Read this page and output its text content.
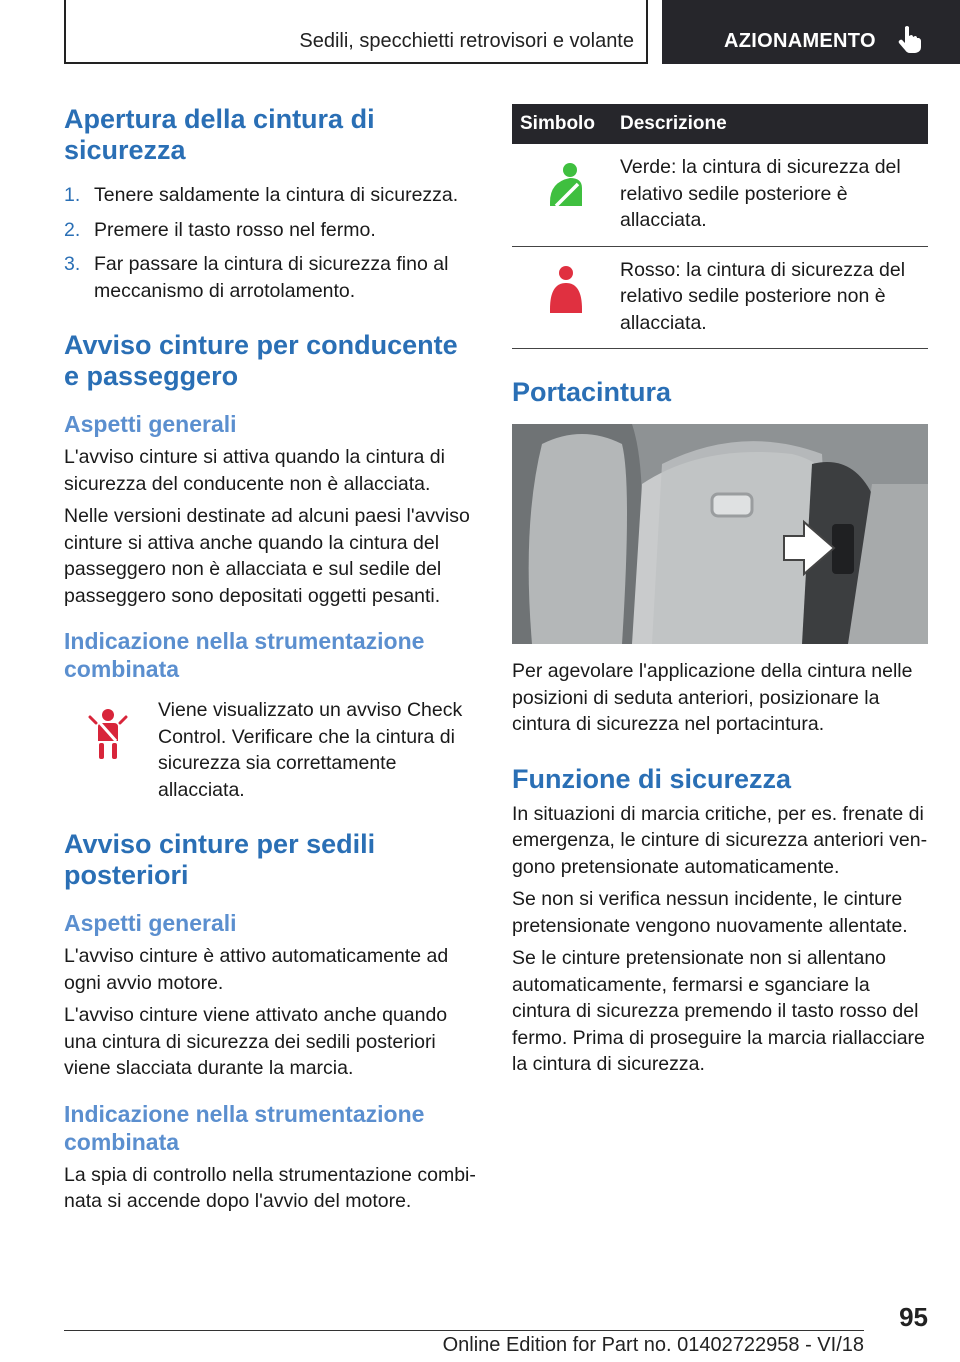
Sedili, specchietti retrovisori e volante	AZIONAMENTO
Apertura della cintura di sicurezza
1. Tenere saldamente la cintura di sicurezza.
2. Premere il tasto rosso nel fermo.
3. Far passare la cintura di sicurezza fino al meccanismo di arrotolamento.
Avviso cinture per conducente e passeggero
Aspetti generali

L'avviso cinture si attiva quando la cintura di sicurezza del conducente non è allacciata.

Nelle versioni destinate ad alcuni paesi l'avviso cinture si attiva anche quando la cintura del passeggero non è allacciata e sul sedile del passeggero sono depositati oggetti pesanti.

Indicazione nella strumentazione combinata

Viene visualizzato un avviso Check Control. Verificare che la cintura di sicurezza sia correttamente allacciata.

Avviso cinture per sedili posteriori
Aspetti generali

L'avviso cinture è attivo automaticamente ad ogni avvio motore.

L'avviso cinture viene attivato anche quando una cintura di sicurezza dei sedili posteriori viene slacciata durante la marcia.

Indicazione nella strumentazione combinata

La spia di controllo nella strumentazione combinata si accende dopo l'avvio del motore.

Simbolo	Descrizione

Verde: la cintura di sicurezza del relativo sedile posteriore è allacciata.

Rosso: la cintura di sicurezza del relativo sedile posteriore non è allacciata.

Portacintura

Per agevolare l'applicazione della cintura nelle posizioni di seduta anteriori, posizionare la cintura di sicurezza nel portacintura.

Funzione di sicurezza

In situazioni di marcia critiche, per es. frenate di emergenza, le cinture di sicurezza anteriori vengono pretensionate automaticamente.

Se non si verifica nessun incidente, le cinture pretensionate vengono nuovamente allentate.

Se le cinture pretensionate non si allentano automaticamente, fermarsi e sganciare la cintura di sicurezza premendo il tasto rosso del fermo. Prima di proseguire la marcia riallacciare la cintura di sicurezza.

95
Online Edition for Part no. 01402722958 - VI/18
